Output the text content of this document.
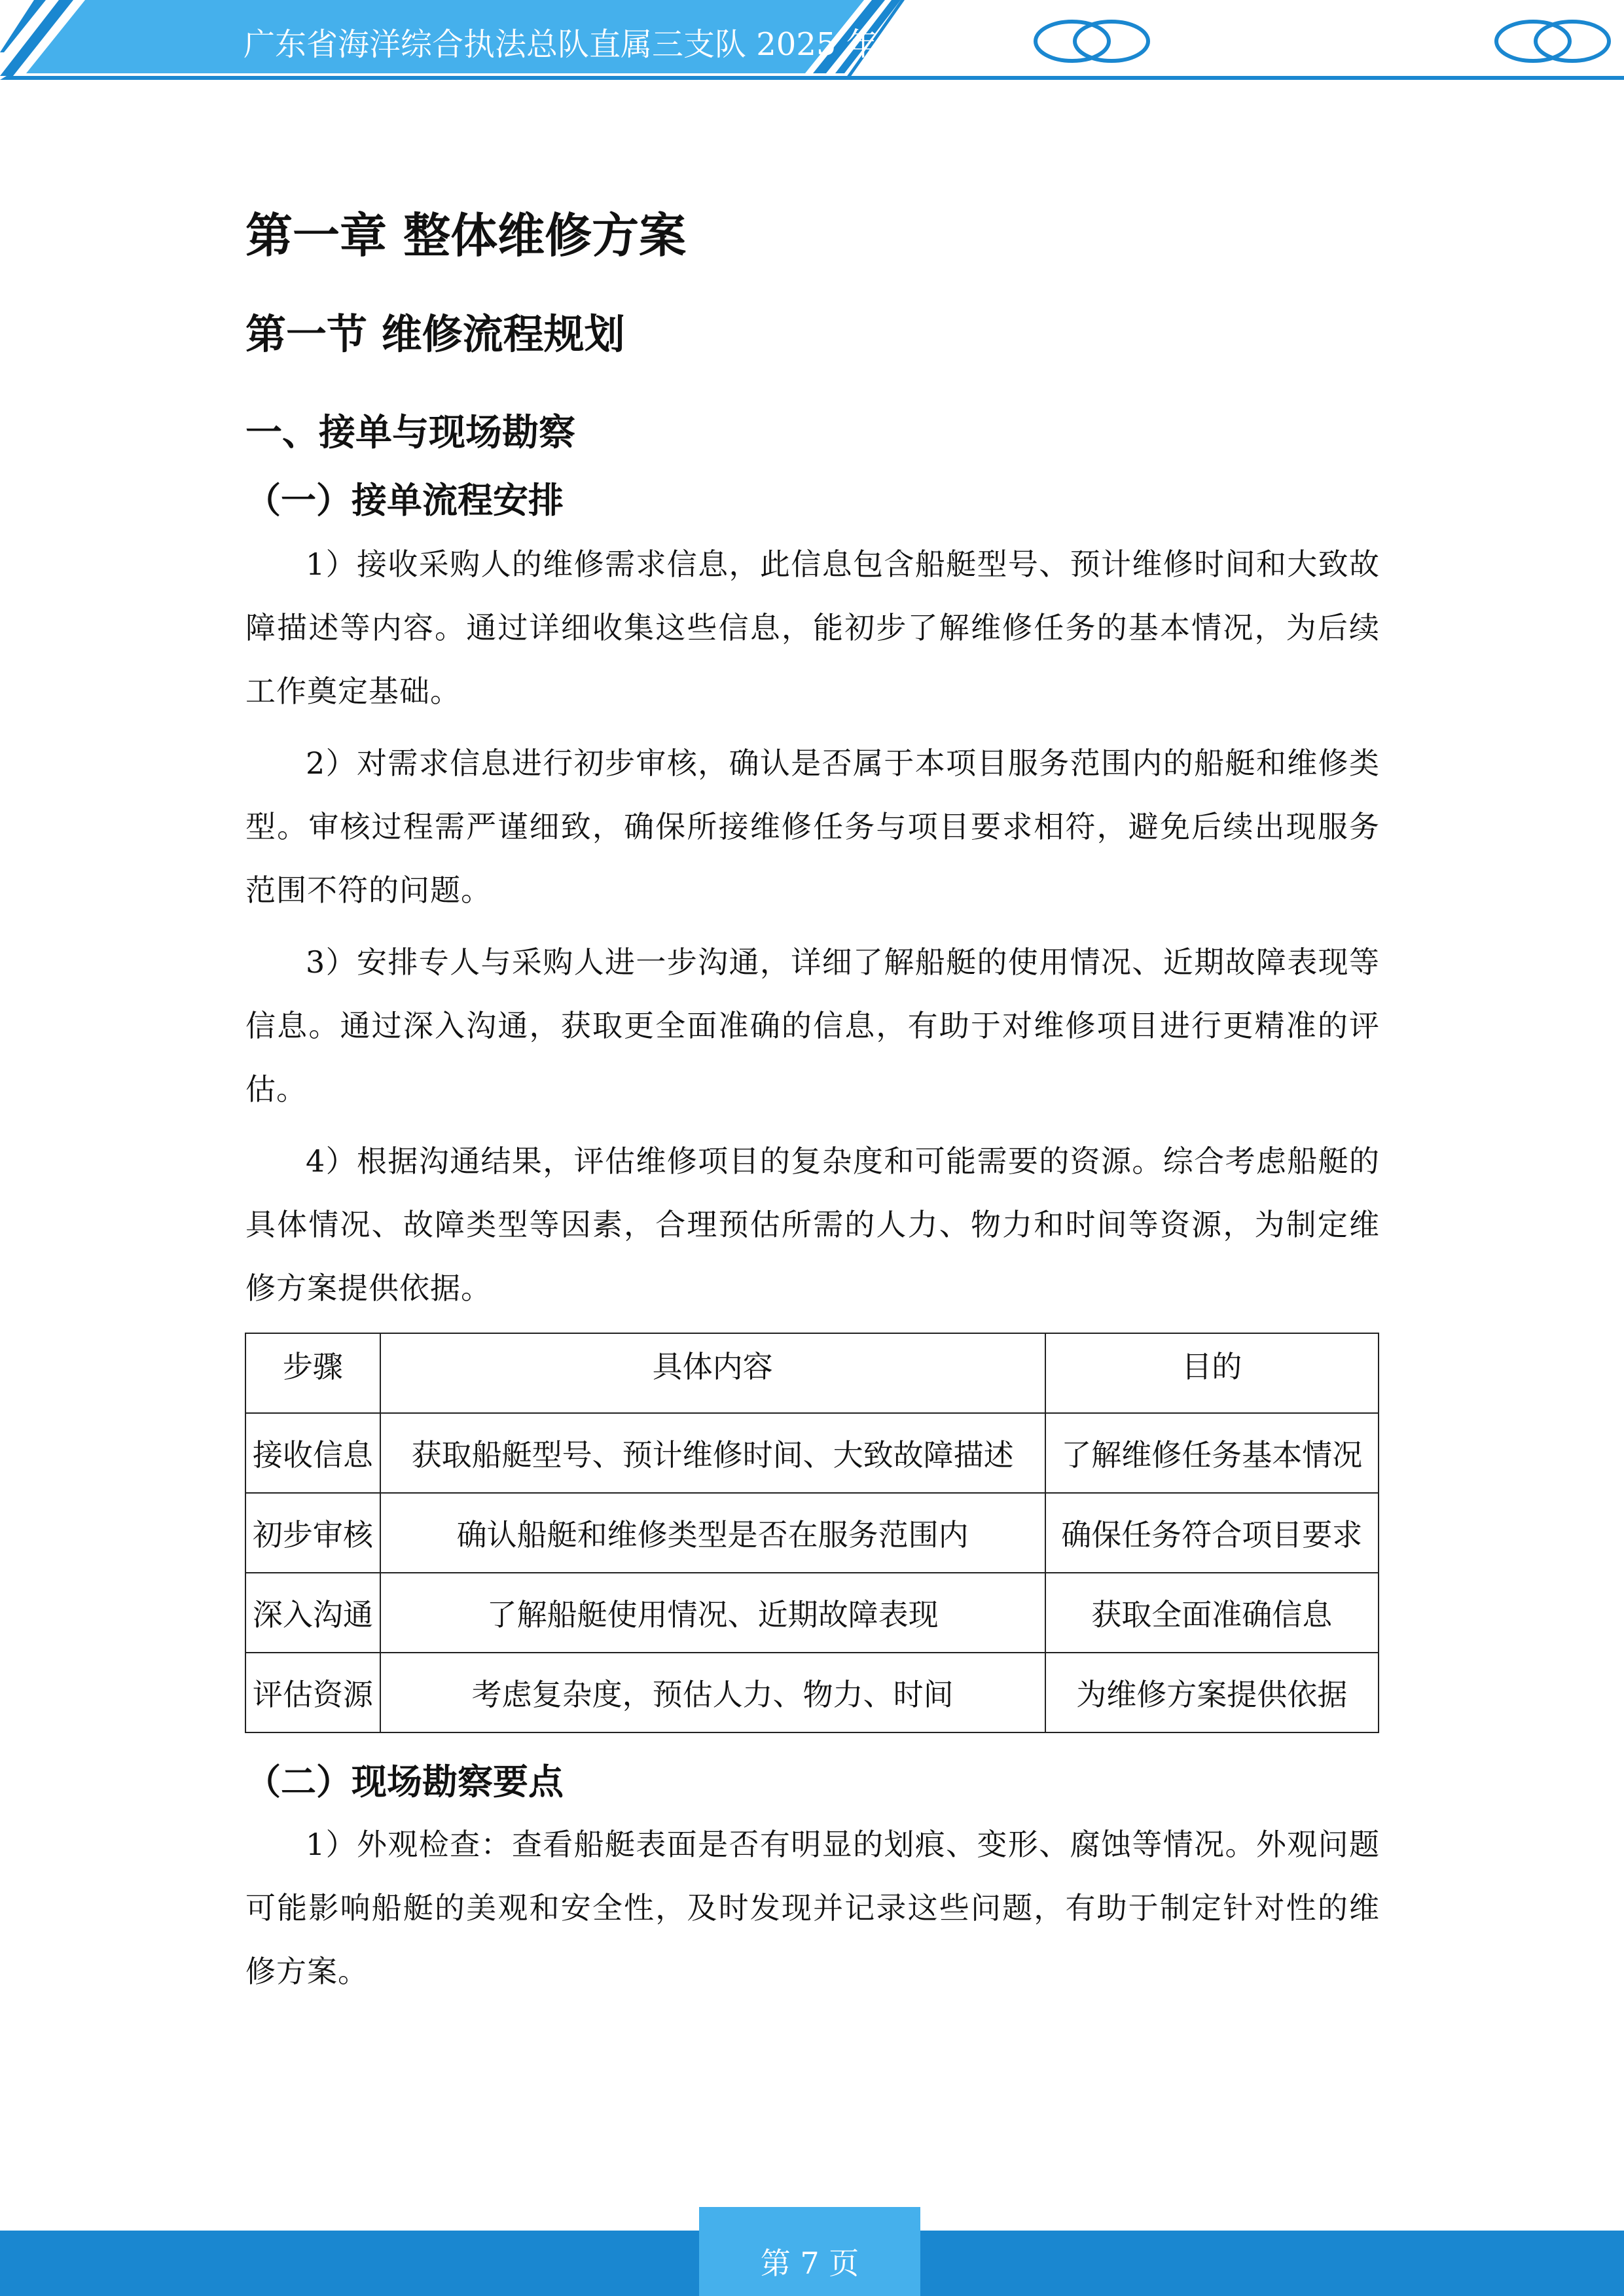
广东省海洋综合执法总队直属三支队 2025 年
第一章 整体维修方案
第一节 维修流程规划
一、接单与现场勘察
（一）接单流程安排

1）接收采购人的维修需求信息，此信息包含船艇型号、预计维修时间和大致故障描述等内容。通过详细收集这些信息，能初步了解维修任务的基本情况，为后续工作奠定基础。

2）对需求信息进行初步审核，确认是否属于本项目服务范围内的船艇和维修类型。审核过程需严谨细致，确保所接维修任务与项目要求相符，避免后续出现服务范围不符的问题。

3）安排专人与采购人进一步沟通，详细了解船艇的使用情况、近期故障表现等信息。通过深入沟通，获取更全面准确的信息，有助于对维修项目进行更精准的评估。

4）根据沟通结果，评估维修项目的复杂度和可能需要的资源。综合考虑船艇的具体情况、故障类型等因素，合理预估所需的人力、物力和时间等资源，为制定维修方案提供依据。

步骤	具体内容	目的
接收信息	获取船艇型号、预计维修时间、大致故障描述	了解维修任务基本情况
初步审核	确认船艇和维修类型是否在服务范围内	确保任务符合项目要求
深入沟通	了解船艇使用情况、近期故障表现	获取全面准确信息
评估资源	考虑复杂度，预估人力、物力、时间	为维修方案提供依据
（二）现场勘察要点

1）外观检查：查看船艇表面是否有明显的划痕、变形、腐蚀等情况。外观问题可能影响船艇的美观和安全性，及时发现并记录这些问题，有助于制定针对性的维修方案。

第 7 页
